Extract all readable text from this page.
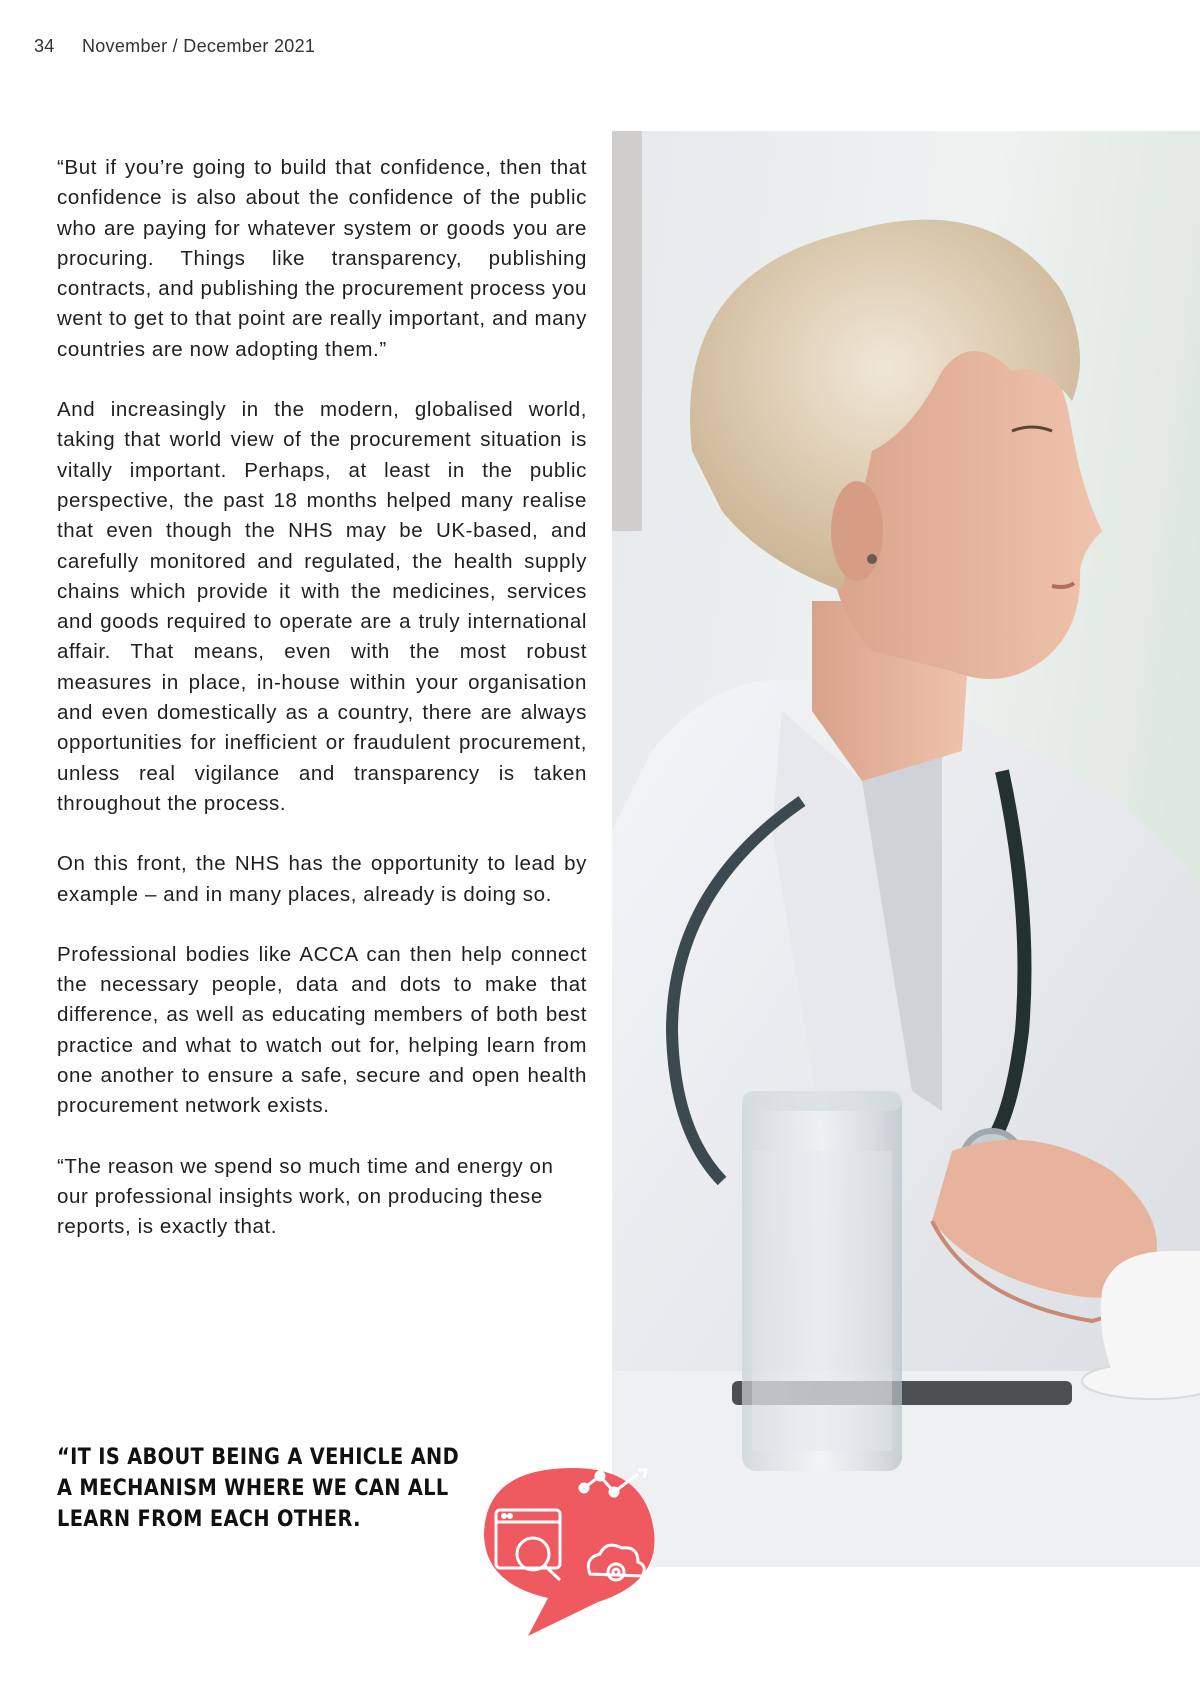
34 November / December 2021

“But if you’re going to build that confidence, then that confidence is also about the confidence of the public who are paying for whatever system or goods you are procuring. Things like transparency, publishing contracts, and publishing the procurement process you went to get to that point are really important, and many countries are now adopting them.”

And increasingly in the modern, globalised world, taking that world view of the procurement situation is vitally important. Perhaps, at least in the public perspective, the past 18 months helped many realise that even though the NHS may be UK-based, and carefully monitored and regulated, the health supply chains which provide it with the medicines, services and goods required to operate are a truly international affair. That means, even with the most robust measures in place, in-house within your organisation and even domestically as a country, there are always opportunities for inefficient or fraudulent procurement, unless real vigilance and transparency is taken throughout the process.

On this front, the NHS has the opportunity to lead by example – and in many places, already is doing so.

Professional bodies like ACCA can then help connect the necessary people, data and dots to make that difference, as well as educating members of both best practice and what to watch out for, helping learn from one another to ensure a safe, secure and open health procurement network exists.

“The reason we spend so much time and energy on our professional insights work, on producing these reports, is exactly that.

“IT IS ABOUT BEING A VEHICLE AND A MECHANISM WHERE WE CAN ALL LEARN FROM EACH OTHER.
